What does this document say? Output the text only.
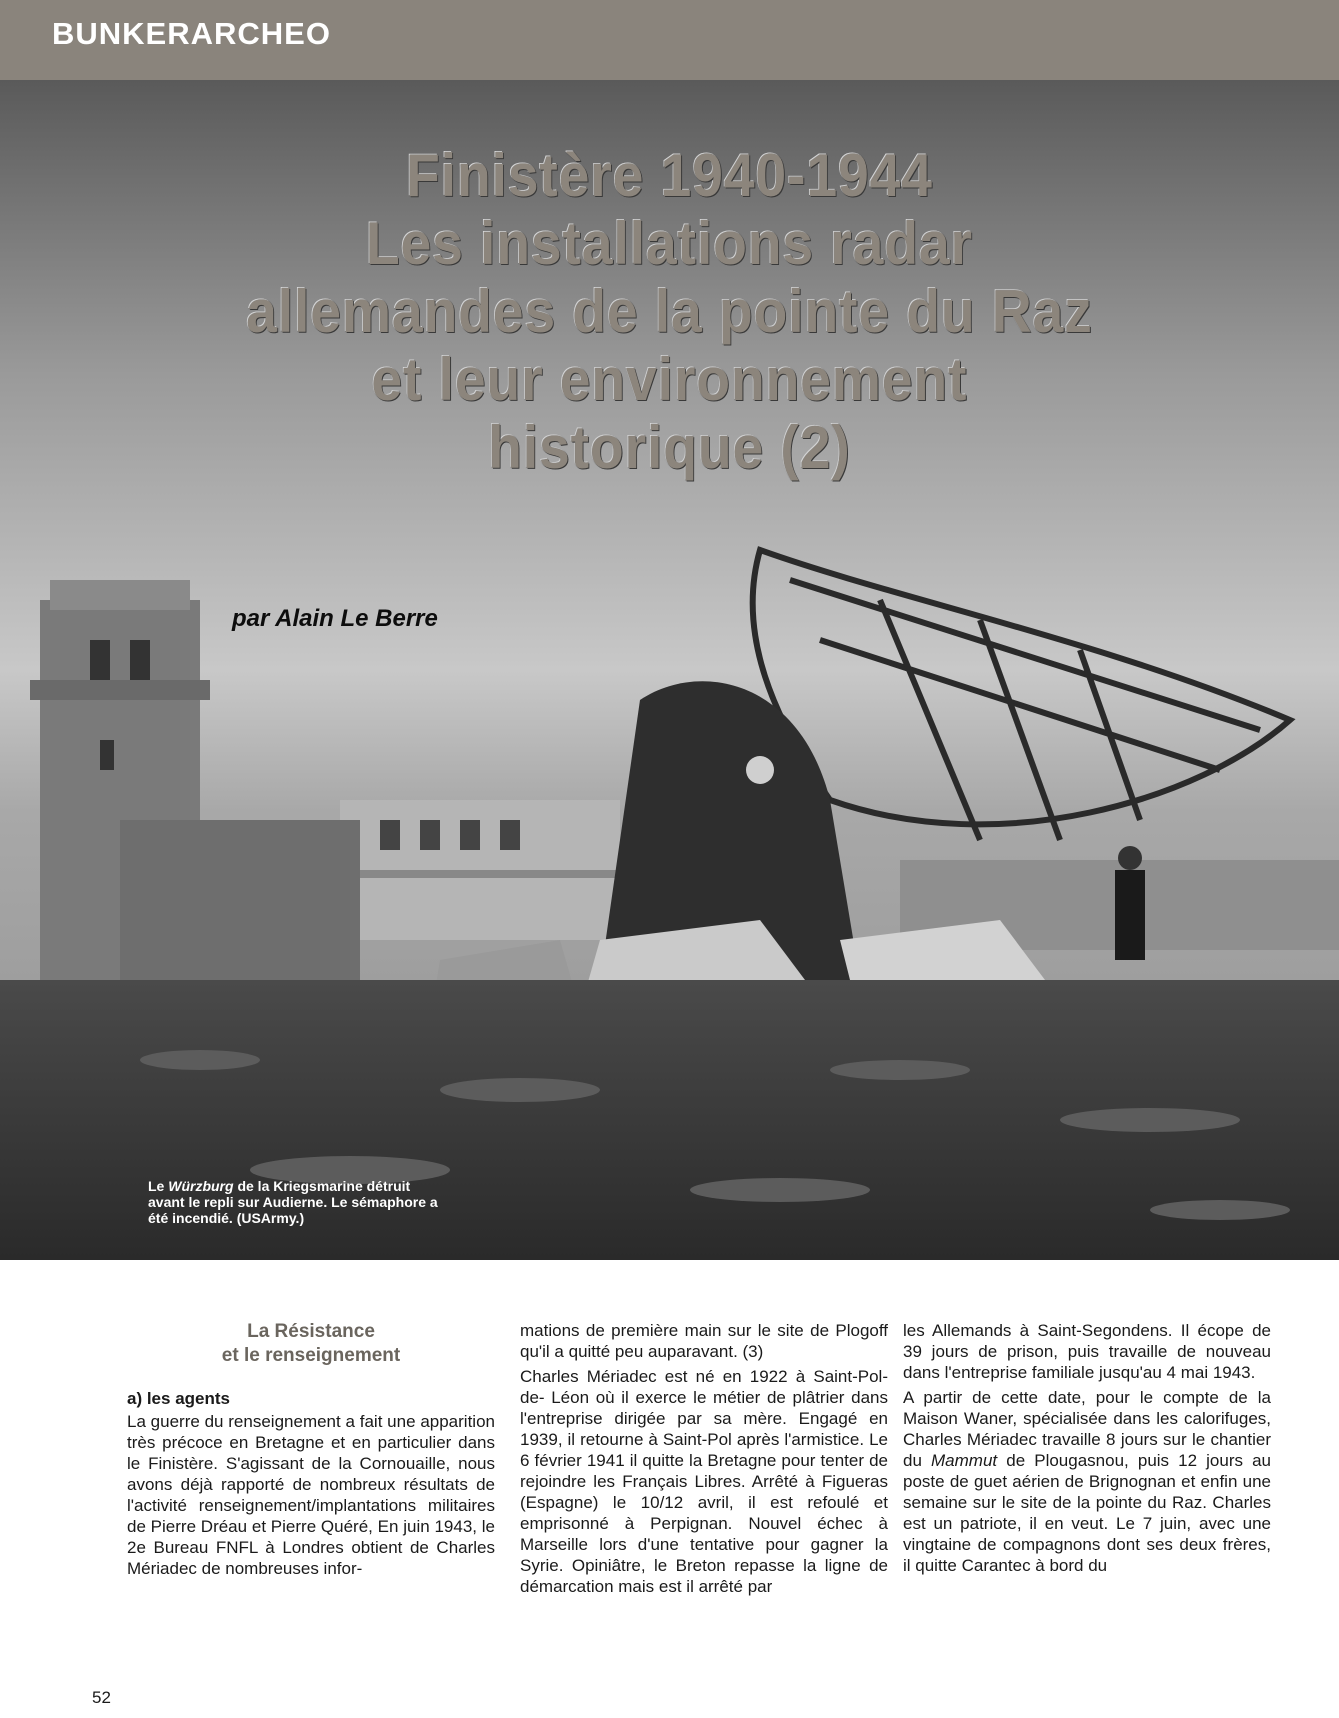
BUNKERARCHEO
Finistère 1940-1944
Les installations radar
allemandes de la pointe du Raz
et leur environnement
historique (2)
par Alain Le Berre
Le Würzburg de la Kriegsmarine détruit avant le repli sur Audierne. Le sémaphore a été incendié. (USArmy.)
La Résistance
et le renseignement
a) les agents

La guerre du renseignement a fait une apparition très précoce en Bretagne et en particulier dans le Finistère. S'agissant de la Cornouaille, nous avons déjà rapporté de nombreux résultats de l'activité renseignement/implantations militaires de Pierre Dréau et Pierre Quéré, En juin 1943, le 2e Bureau FNFL à Londres obtient de Charles Mériadec de nombreuses infor-

mations de première main sur le site de Plogoff qu'il a quitté peu auparavant. (3)

Charles Mériadec est né en 1922 à Saint-Pol-de- Léon où il exerce le métier de plâtrier dans l'entreprise dirigée par sa mère. Engagé en 1939, il retourne à Saint-Pol après l'armistice. Le 6 février 1941 il quitte la Bretagne pour tenter de rejoindre les Français Libres. Arrêté à Figueras (Espagne) le 10/12 avril, il est refoulé et emprisonné à Perpignan. Nouvel échec à Marseille lors d'une tentative pour gagner la Syrie. Opiniâtre, le Breton repasse la ligne de démarcation mais est il arrêté par

les Allemands à Saint-Segondens. Il écope de 39 jours de prison, puis travaille de nouveau dans l'entreprise familiale jusqu'au 4 mai 1943.

A partir de cette date, pour le compte de la Maison Waner, spécialisée dans les calorifuges, Charles Mériadec travaille 8 jours sur le chantier du Mammut de Plougasnou, puis 12 jours au poste de guet aérien de Brignognan et enfin une semaine sur le site de la pointe du Raz. Charles est un patriote, il en veut. Le 7 juin, avec une vingtaine de compagnons dont ses deux frères, il quitte Carantec à bord du

52
